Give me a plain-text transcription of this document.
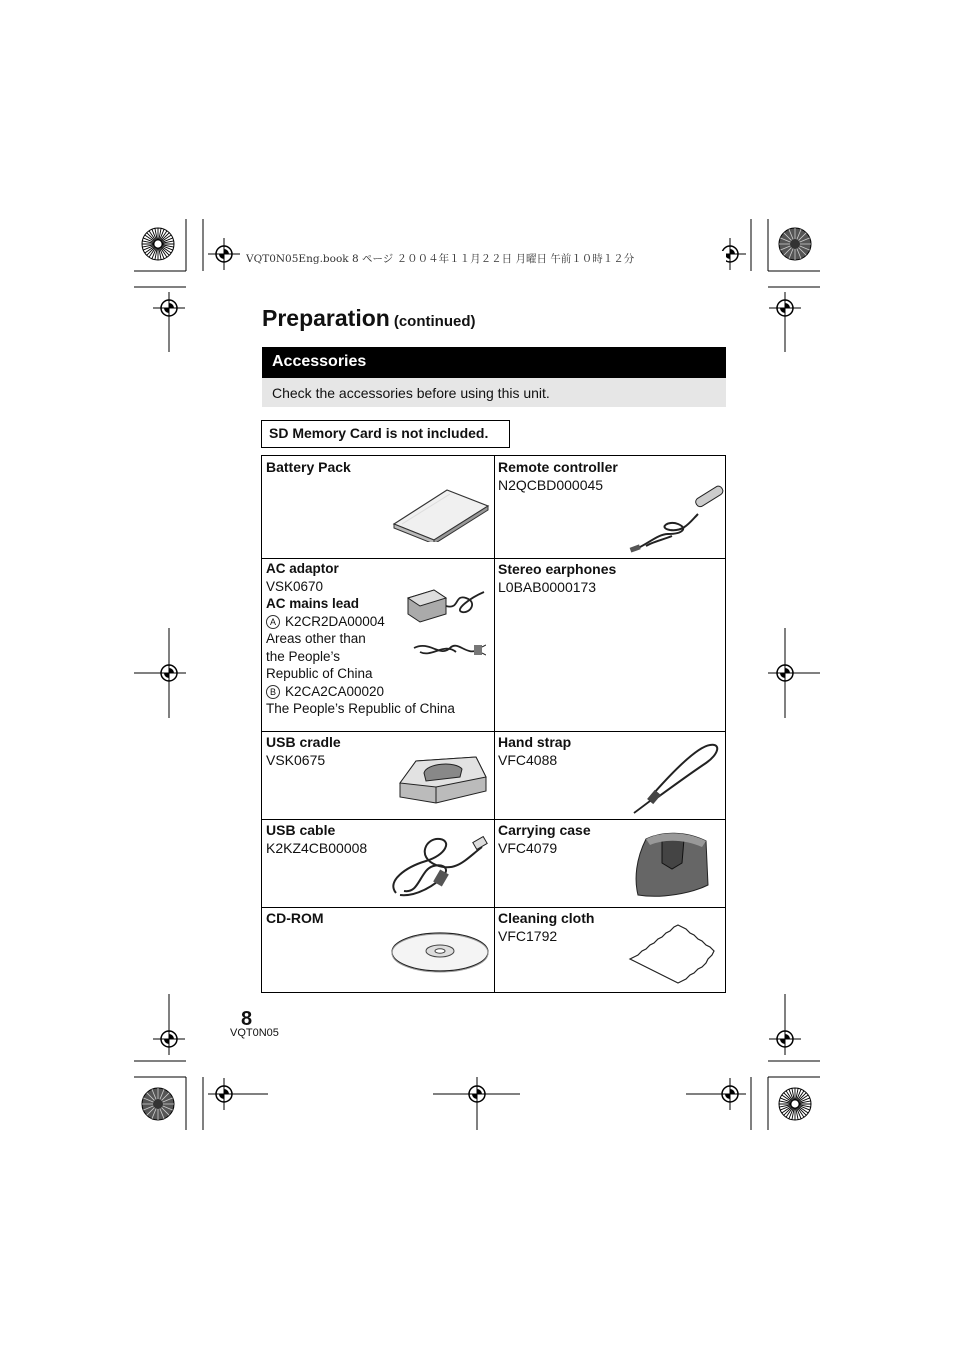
VQT0N05Eng.book 8 ページ ２００４年１１月２２日 月曜日 午前１０時１２分
Preparation (continued)
Accessories
Check the accessories before using this unit.
SD Memory Card is not included.
Battery Pack	Remote controller
N2QCBD000045
AC adaptor
VSK0670
AC mains lead
A K2CR2DA00004
Areas other than
the People’s
Republic of China
B K2CA2CA00020
The People’s Republic of China
Stereo earphones
L0BAB0000173
USB cradle
VSK0675
Hand strap
VFC4088
USB cable
K2KZ4CB00008
Carrying case
VFC4079
CD-ROM	Cleaning cloth
VFC1792
8
VQT0N05
